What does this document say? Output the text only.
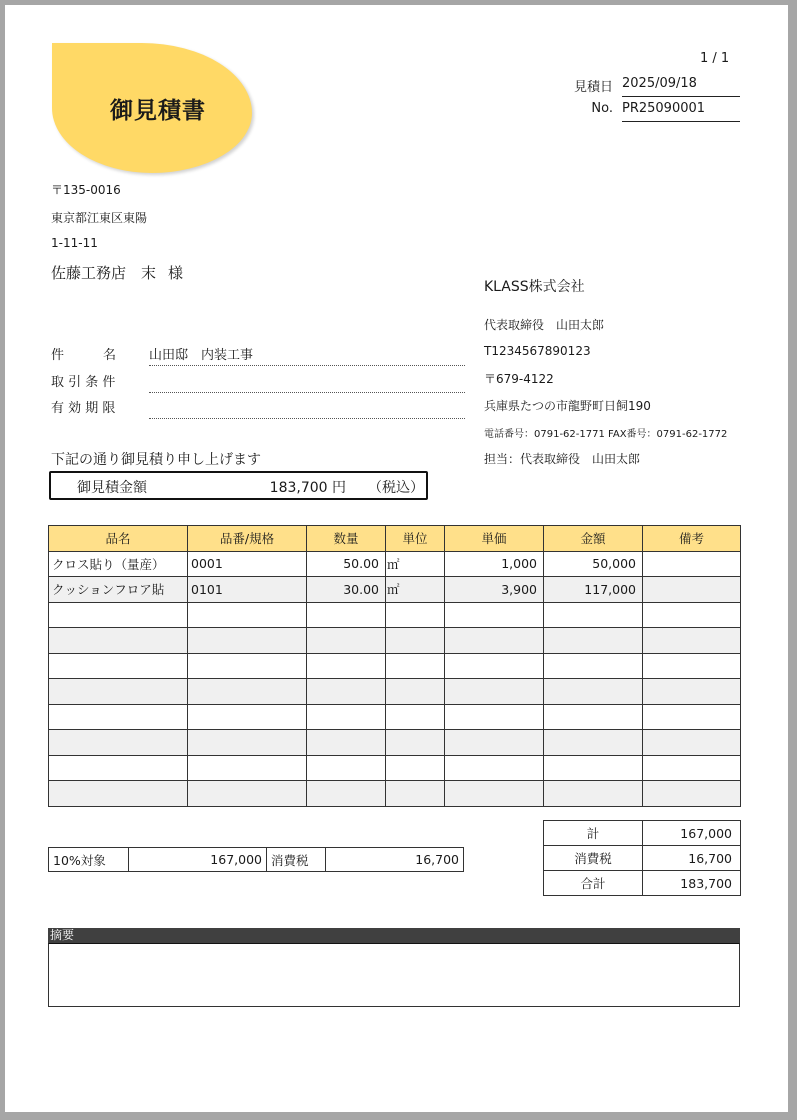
御見積書
1 / 1
見積日 2025/09/18
No. PR25090001
〒135-0016
東京都江東区東陽
1-11-11
佐藤工務店　末 様
KLASS株式会社
代表取締役　山田太郎
T1234567890123
〒679-4122
兵庫県たつの市龍野町日飼190
電話番号：0791-62-1771 FAX番号：0791-62-1772
担当：代表取締役　山田太郎
件　　　名	山田邸　内装工事
取 引 条 件
有 効 期 限
下記の通り御見積り申し上げます
御見積金額	183,700 円 （税込）
品名	品番/規格	数量	単位	単価	金額	備考
クロス貼り（量産）	0001	50.00	㎡	1,000	50,000	
クッションフロア貼	0101	30.00	㎡	3,900	117,000	

10%対象	167,000	消費税	16,700
計	167,000
消費税	16,700
合計	183,700
摘要
